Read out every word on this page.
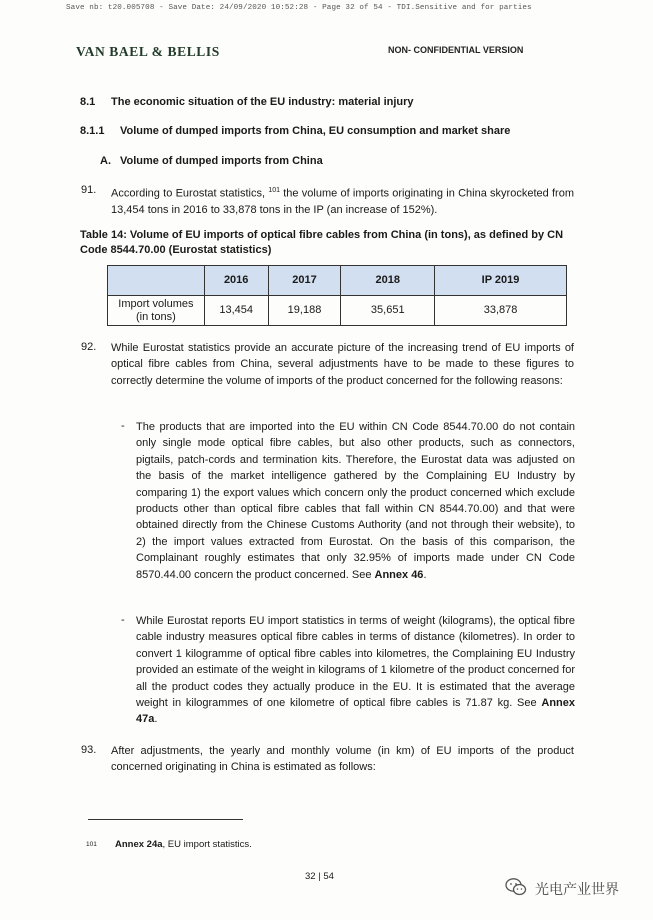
Save nb: t20.005708 - Save Date: 24/09/2020 10:52:28 - Page 32 of 54 - TDI.Sensitive and for parties
VAN BAEL & BELLIS	NON- CONFIDENTIAL VERSION
8.1 The economic situation of the EU industry: material injury
8.1.1 Volume of dumped imports from China, EU consumption and market share
A. Volume of dumped imports from China
91. According to Eurostat statistics, $^{101}$ the volume of imports originating in China skyrocketed from 13,454 tons in 2016 to 33,878 tons in the IP (an increase of 152%).
Table 14: Volume of EU imports of optical fibre cables from China (in tons), as defined by CN Code 8544.70.00 (Eurostat statistics)
	2016	2017	2018	IP 2019
Import volumes (in tons)	13,454	19,188	35,651	33,878
92. While Eurostat statistics provide an accurate picture of the increasing trend of EU imports of optical fibre cables from China, several adjustments have to be made to these figures to correctly determine the volume of imports of the product concerned for the following reasons:
- The products that are imported into the EU within CN Code 8544.70.00 do not contain only single mode optical fibre cables, but also other products, such as connectors, pigtails, patch-cords and termination kits. Therefore, the Eurostat data was adjusted on the basis of the market intelligence gathered by the Complaining EU Industry by comparing 1) the export values which concern only the product concerned which exclude products other than optical fibre cables that fall within CN 8544.70.00) and that were obtained directly from the Chinese Customs Authority (and not through their website), to 2) the import values extracted from Eurostat. On the basis of this comparison, the Complainant roughly estimates that only 32.95% of imports made under CN Code 8570.44.00 concern the product concerned. See Annex 46.
- While Eurostat reports EU import statistics in terms of weight (kilograms), the optical fibre cable industry measures optical fibre cables in terms of distance (kilometres). In order to convert 1 kilogramme of optical fibre cables into kilometres, the Complaining EU Industry provided an estimate of the weight in kilograms of 1 kilometre of the product concerned for all the product codes they actually produce in the EU. It is estimated that the average weight in kilogrammes of one kilometre of optical fibre cables is 71.87 kg. See Annex 47a.
93. After adjustments, the yearly and monthly volume (in km) of EU imports of the product concerned originating in China is estimated as follows:
101 Annex 24a, EU import statistics.
32 | 54
光电产业世界
